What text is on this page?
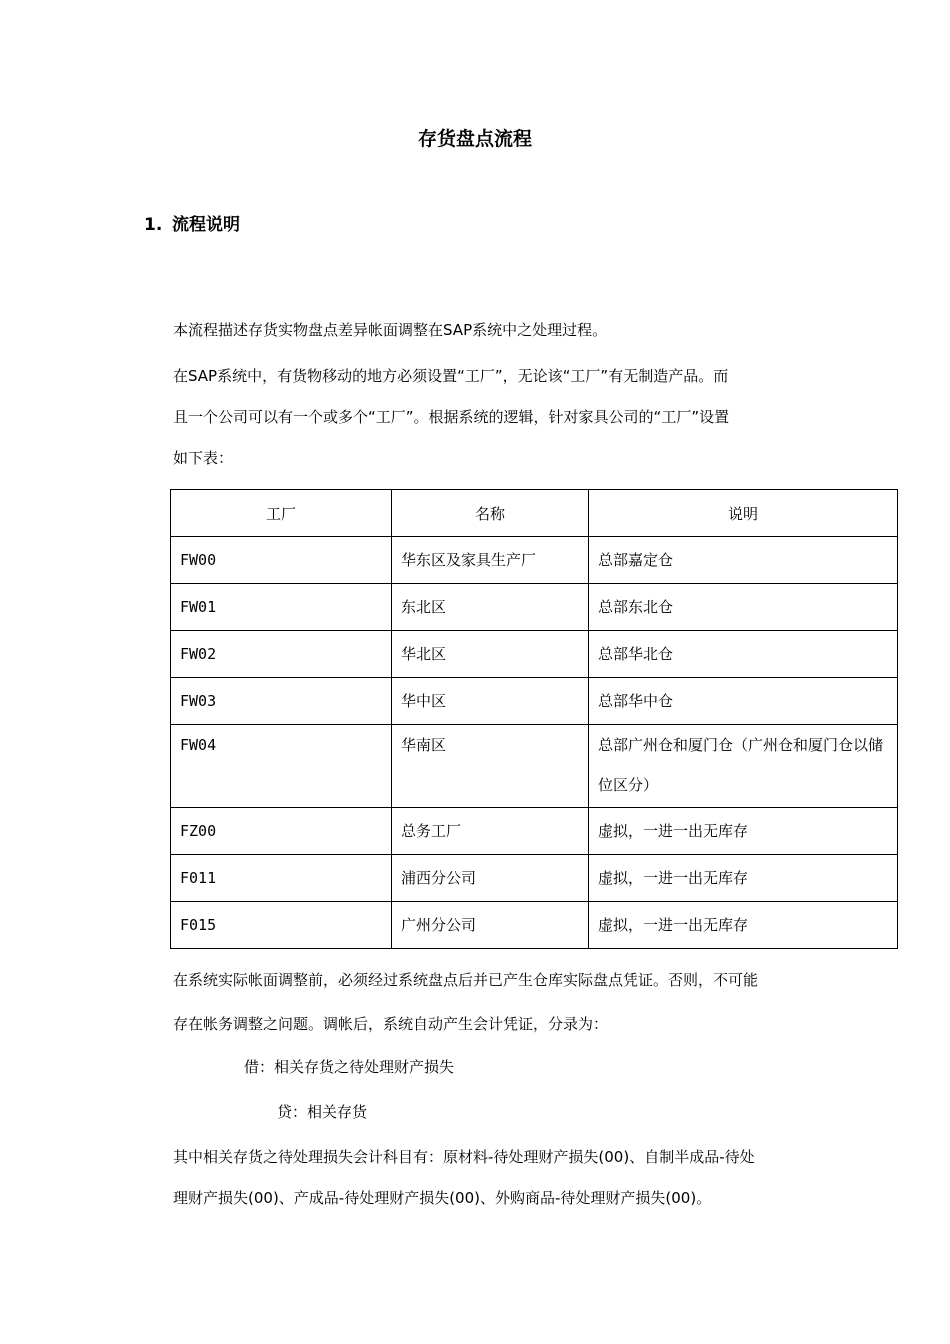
存货盘点流程
1. 流程说明
本流程描述存货实物盘点差异帐面调整在SAP系统中之处理过程。
在SAP系统中，有货物移动的地方必须设置“工厂”，无论该“工厂”有无制造产品。而
且一个公司可以有一个或多个“工厂”。根据系统的逻辑，针对家具公司的“工厂”设置
如下表：
工厂	名称	说明
FW00	华东区及家具生产厂	总部嘉定仓
FW01	东北区	总部东北仓
FW02	华北区	总部华北仓
FW03	华中区	总部华中仓
FW04	华南区	总部广州仓和厦门仓（广州仓和厦门仓以储位区分）
FZ00	总务工厂	虚拟，一进一出无库存
F011	浦西分公司	虚拟，一进一出无库存
F015	广州分公司	虚拟，一进一出无库存
在系统实际帐面调整前，必须经过系统盘点后并已产生仓库实际盘点凭证。否则，不可能
存在帐务调整之问题。调帐后，系统自动产生会计凭证，分录为：
借：相关存货之待处理财产损失
贷：相关存货
其中相关存货之待处理损失会计科目有：原材料-待处理财产损失(00)、自制半成品-待处
理财产损失(00)、产成品-待处理财产损失(00)、外购商品-待处理财产损失(00)。
